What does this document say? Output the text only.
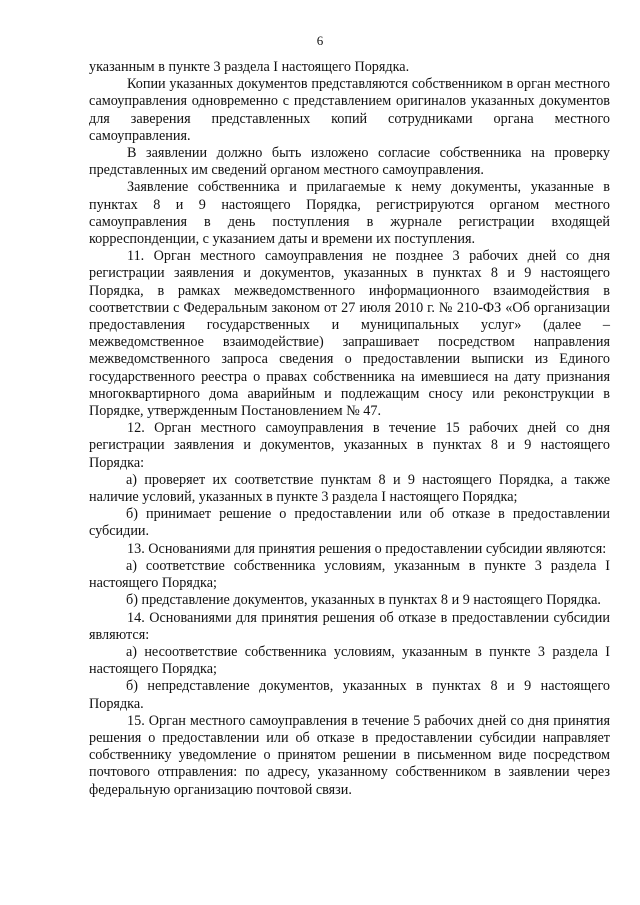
6

указанным в пункте 3 раздела I настоящего Порядка.

Копии указанных документов представляются собственником в орган местного самоуправления одновременно с представлением оригиналов указанных документов для заверения представленных копий сотрудниками органа местного самоуправления.

В заявлении должно быть изложено согласие собственника на проверку представленных им сведений органом местного самоуправления.

Заявление собственника и прилагаемые к нему документы, указанные в пунктах 8 и 9 настоящего Порядка, регистрируются органом местного самоуправления в день поступления в журнале регистрации входящей корреспонденции, с указанием даты и времени их поступления.

11. Орган местного самоуправления не позднее 3 рабочих дней со дня регистрации заявления и документов, указанных в пунктах 8 и 9 настоящего Порядка, в рамках межведомственного информационного взаимодействия в соответствии с Федеральным законом от 27 июля 2010 г. № 210-ФЗ «Об организации предоставления государственных и муниципальных услуг» (далее – межведомственное взаимодействие) запрашивает посредством направления межведомственного запроса сведения о предоставлении выписки из Единого государственного реестра о правах собственника на имевшиеся на дату признания многоквартирного дома аварийным и подлежащим сносу или реконструкции в Порядке, утвержденным Постановлением № 47.

12. Орган местного самоуправления в течение 15 рабочих дней со дня регистрации заявления и документов, указанных в пунктах 8 и 9 настоящего Порядка:

а) проверяет их соответствие пунктам 8 и 9 настоящего Порядка, а также наличие условий, указанных в пункте 3 раздела I настоящего Порядка;

б) принимает решение о предоставлении или об отказе в предоставлении субсидии.

13. Основаниями для принятия решения о предоставлении субсидии являются:

а) соответствие собственника условиям, указанным в пункте 3 раздела I настоящего Порядка;

б) представление документов, указанных в пунктах 8 и 9 настоящего Порядка.

14. Основаниями для принятия решения об отказе в предоставлении субсидии являются:

а) несоответствие собственника условиям, указанным в пункте 3 раздела I настоящего Порядка;

б) непредставление документов, указанных в пунктах 8 и 9 настоящего Порядка.

15. Орган местного самоуправления в течение 5 рабочих дней со дня принятия решения о предоставлении или об отказе в предоставлении субсидии направляет собственнику уведомление о принятом решении в письменном виде посредством почтового отправления: по адресу, указанному собственником в заявлении через федеральную организацию почтовой связи.
